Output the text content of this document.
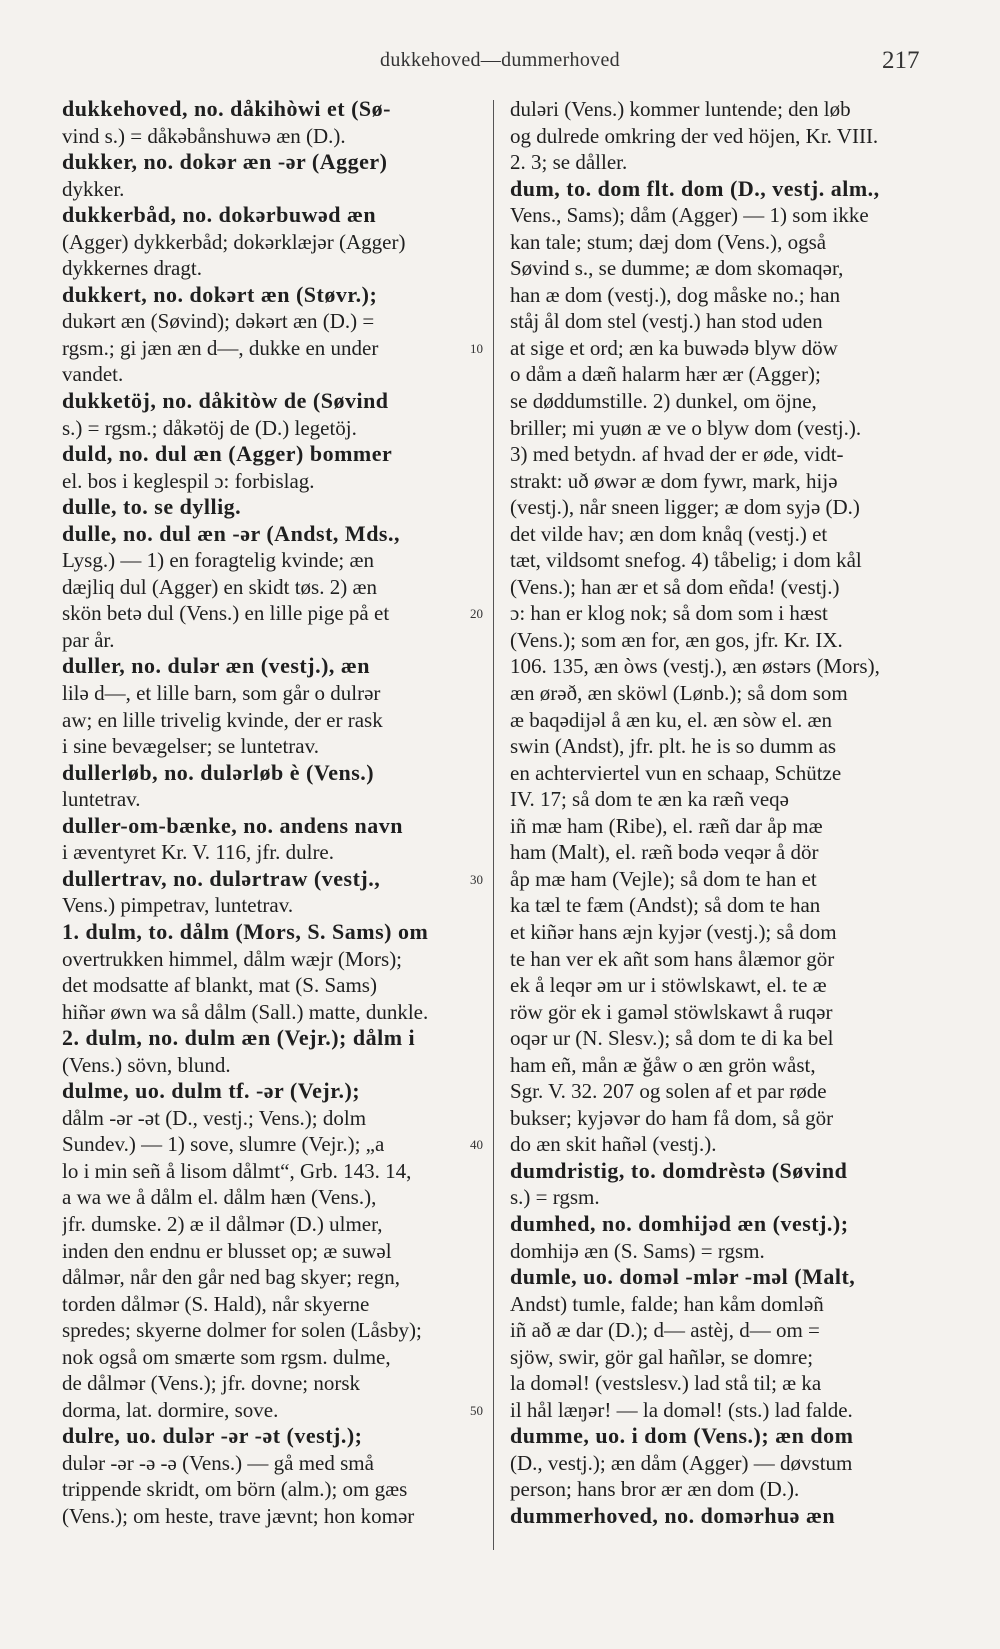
dukkehoved—dummerhoved	217
dukkehoved, no. dåkihòwi et (Sø-
vind s.) = dåkəbånshuwə æn (D.).
dukker, no. dokər æn -ər (Agger)
dykker.
dukkerbåd, no. dokərbuwəd æn
(Agger) dykkerbåd; dokərklæjər (Agger)
dykkernes dragt.
dukkert, no. dokərt æn (Støvr.);
dukərt æn (Søvind); dəkərt æn (D.) =
rgsm.; gi jæn æn d—, dukke en under
vandet.
dukketöj, no. dåkitòw de (Søvind
s.) = rgsm.; dåkətöj de (D.) legetöj.
duld, no. dul æn (Agger) bommer
el. bos i keglespil ɔ: forbislag.
dulle, to. se dyllig.
dulle, no. dul æn -ər (Andst, Mds.,
Lysg.) — 1) en foragtelig kvinde; æn
dæjliq dul (Agger) en skidt tøs. 2) æn
skön betə dul (Vens.) en lille pige på et
par år.
duller, no. dulər æn (vestj.), æn
lilə d—, et lille barn, som går o dulrər
aw; en lille trivelig kvinde, der er rask
i sine bevægelser; se luntetrav.
dullerløb, no. dulərløb è (Vens.)
luntetrav.
duller-om-bænke, no. andens navn
i æventyret Kr. V. 116, jfr. dulre.
dullertrav, no. dulərtraw (vestj.,
Vens.) pimpetrav, luntetrav.
1. dulm, to. dålm (Mors, S. Sams) om
overtrukken himmel, dålm wæjr (Mors);
det modsatte af blankt, mat (S. Sams)
hiñər øwn wa så dålm (Sall.) matte, dunkle.
2. dulm, no. dulm æn (Vejr.); dålm i
(Vens.) sövn, blund.
dulme, uo. dulm tf. -ər (Vejr.);
dålm -ər -ət (D., vestj.; Vens.); dolm
Sundev.) — 1) sove, slumre (Vejr.); „a
lo i min señ å lisom dålmt“, Grb. 143. 14,
a wa we å dålm el. dålm hæn (Vens.),
jfr. dumske. 2) æ il dålmər (D.) ulmer,
inden den endnu er blusset op; æ suwəl
dålmər, når den går ned bag skyer; regn,
torden dålmər (S. Hald), når skyerne
spredes; skyerne dolmer for solen (Låsby);
nok også om smærte som rgsm. dulme,
de dålmər (Vens.); jfr. dovne; norsk
dorma, lat. dormire, sove.
dulre, uo. dulər -ər -ət (vestj.);
dulər -ər -ə -ə (Vens.) — gå med små
trippende skridt, om börn (alm.); om gæs
(Vens.); om heste, trave jævnt; hon komər
10
20
30
40
50
duləri (Vens.) kommer luntende; den løb
og dulrede omkring der ved höjen, Kr. VIII.
2. 3; se dåller.
dum, to. dom flt. dom (D., vestj. alm.,
Vens., Sams); dåm (Agger) — 1) som ikke
kan tale; stum; dæj dom (Vens.), også
Søvind s., se dumme; æ dom skomaqər,
han æ dom (vestj.), dog måske no.; han
ståj ål dom stel (vestj.) han stod uden
at sige et ord; æn ka buwədə blyw döw
o dåm a dæñ halarm hær ær (Agger);
se døddumstille. 2) dunkel, om öjne,
briller; mi yuøn æ ve o blyw dom (vestj.).
3) med betydn. af hvad der er øde, vidt-
strakt: uð øwər æ dom fywr, mark, hijə
(vestj.), når sneen ligger; æ dom syjə (D.)
det vilde hav; æn dom knåq (vestj.) et
tæt, vildsomt snefog. 4) tåbelig; i dom kål
(Vens.); han ær et så dom eñda! (vestj.)
ɔ: han er klog nok; så dom som i hæst
(Vens.); som æn for, æn gos, jfr. Kr. IX.
106. 135, æn òws (vestj.), æn østərs (Mors),
æn ørəð, æn sköwl (Lønb.); så dom som
æ baqədijəl å æn ku, el. æn sòw el. æn
swin (Andst), jfr. plt. he is so dumm as
en achterviertel vun en schaap, Schütze
IV. 17; så dom te æn ka ræñ veqə
iñ mæ ham (Ribe), el. ræñ dar åp mæ
ham (Malt), el. ræñ bodə veqər å dör
åp mæ ham (Vejle); så dom te han et
ka tæl te fæm (Andst); så dom te han
et kiñər hans æjn kyjər (vestj.); så dom
te han ver ek añt som hans ålæmor gör
ek å leqər əm ur i stöwlskawt, el. te æ
röw gör ek i gaməl stöwlskawt å ruqər
oqər ur (N. Slesv.); så dom te di ka bel
ham eñ, mån æ ğåw o æn grön wåst,
Sgr. V. 32. 207 og solen af et par røde
bukser; kyjəvər do ham få dom, så gör
do æn skit hañəl (vestj.).
dumdristig, to. domdrèstə (Søvind
s.) = rgsm.
dumhed, no. domhijəd æn (vestj.);
domhijə æn (S. Sams) = rgsm.
dumle, uo. doməl -mlər -məl (Malt,
Andst) tumle, falde; han kåm domləñ
iñ að æ dar (D.); d— astèj, d— om =
sjöw, swir, gör gal hañlər, se domre;
la doməl! (vestslesv.) lad stå til; æ ka
il hål læŋər! — la doməl! (sts.) lad falde.
dumme, uo. i dom (Vens.); æn dom
(D., vestj.); æn dåm (Agger) — døvstum
person; hans bror ær æn dom (D.).
dummerhoved, no. domərhuə æn
